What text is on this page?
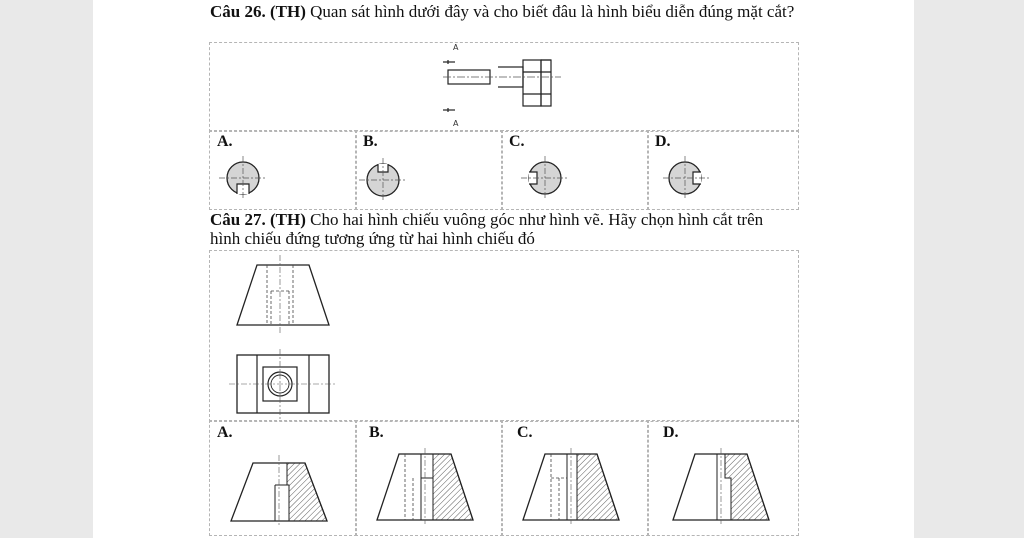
Câu 26. (TH) Quan sát hình dưới đây và cho biết đâu là hình biểu diễn đúng mặt cắt?
A
A
A.	B.	C.	D.
Câu 27. (TH) Cho hai hình chiếu vuông góc như hình vẽ. Hãy chọn hình cắt trên
hình chiếu đứng tương ứng từ hai hình chiếu đó
A.	B.	C.	D.
